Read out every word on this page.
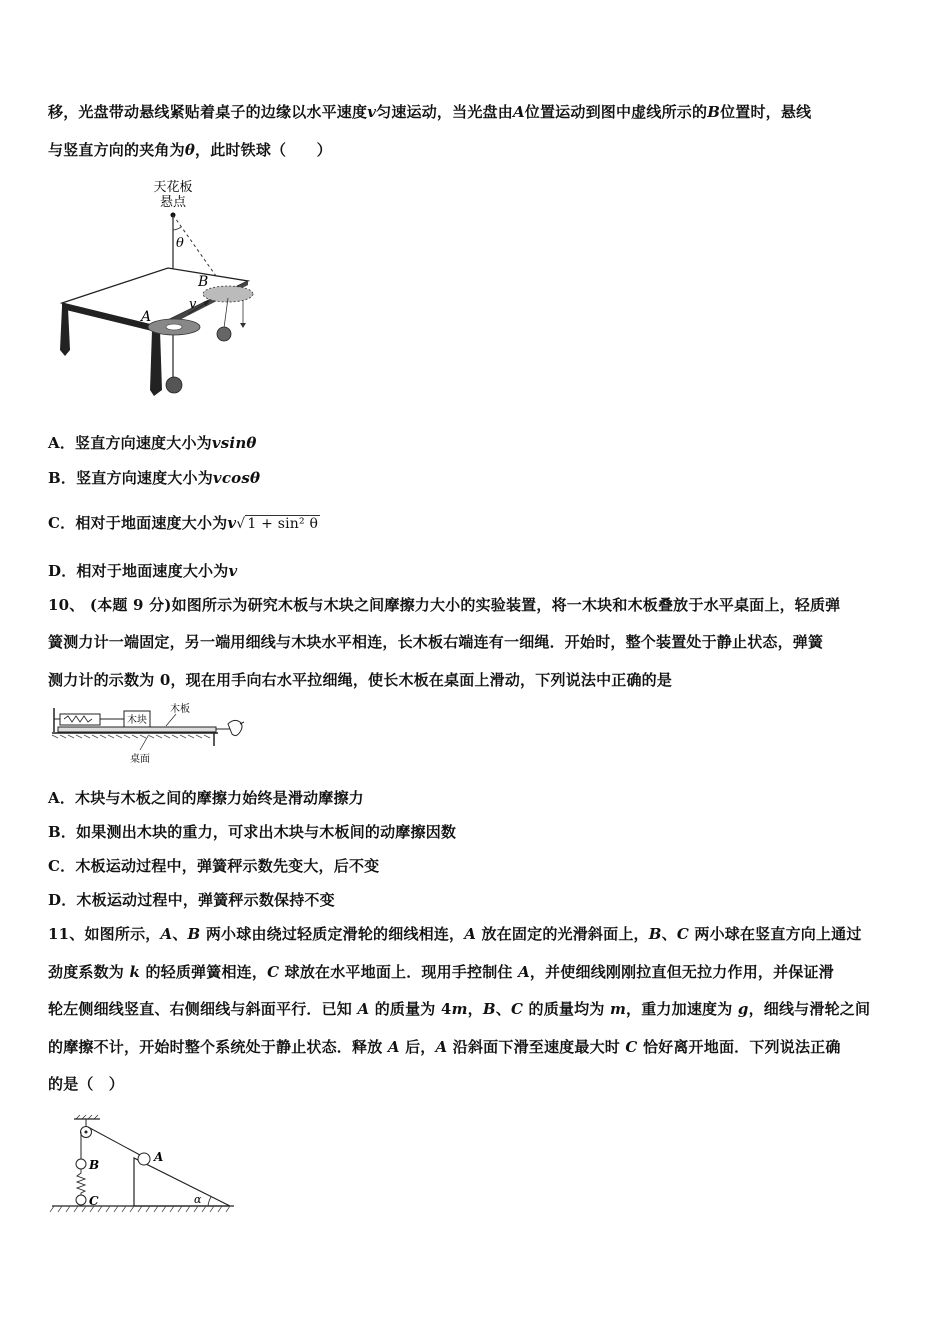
移，光盘带动悬线紧贴着桌子的边缘以水平速度v匀速运动，当光盘由A位置运动到图中虚线所示的B位置时，悬线
与竖直方向的夹角为θ，此时铁球（　　）
天花板
悬点
θ
A
B
v
A．竖直方向速度大小为vsinθ
B．竖直方向速度大小为vcosθ
C．相对于地面速度大小为v√ 1 + sin² θ
D．相对于地面速度大小为v
10、 (本题 9 分)如图所示为研究木板与木块之间摩擦力大小的实验装置，将一木块和木板叠放于水平桌面上，轻质弹
簧测力计一端固定，另一端用细线与木块水平相连，长木板右端连有一细绳．开始时，整个装置处于静止状态，弹簧
测力计的示数为 0，现在用手向右水平拉细绳，使长木板在桌面上滑动，下列说法中正确的是
木块
木板
桌面
A．木块与木板之间的摩擦力始终是滑动摩擦力
B．如果测出木块的重力，可求出木块与木板间的动摩擦因数
C．木板运动过程中，弹簧秤示数先变大，后不变
D．木板运动过程中，弹簧秤示数保持不变
11、如图所示，A、B 两小球由绕过轻质定滑轮的细线相连，A 放在固定的光滑斜面上，B、C 两小球在竖直方向上通过
劲度系数为 k 的轻质弹簧相连，C 球放在水平地面上．现用手控制住 A，并使细线刚刚拉直但无拉力作用，并保证滑
轮左侧细线竖直、右侧细线与斜面平行．已知 A 的质量为 4m，B、C 的质量均为 m，重力加速度为 g，细线与滑轮之间
的摩擦不计，开始时整个系统处于静止状态．释放 A 后，A 沿斜面下滑至速度最大时 C 恰好离开地面．下列说法正确
的是（　）
B
C
A
α
